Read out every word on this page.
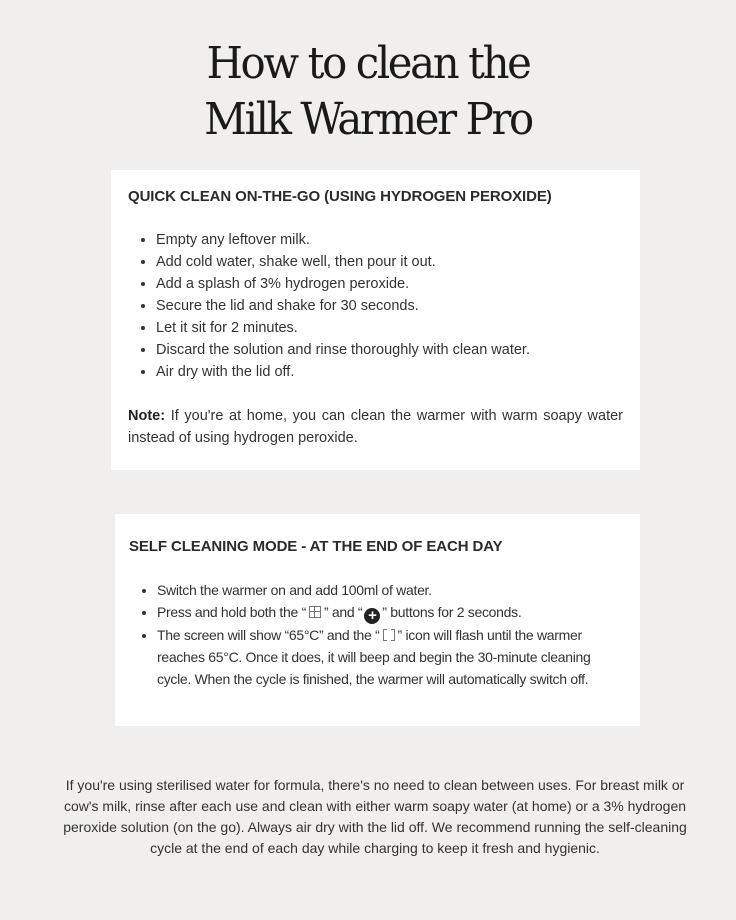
How to clean the
Milk Warmer Pro
QUICK CLEAN ON-THE-GO (USING HYDROGEN PEROXIDE)
• Empty any leftover milk.
• Add cold water, shake well, then pour it out.
• Add a splash of 3% hydrogen peroxide.
• Secure the lid and shake for 30 seconds.
• Let it sit for 2 minutes.
• Discard the solution and rinse thoroughly with clean water.
• Air dry with the lid off.

Note: If you're at home, you can clean the warmer with warm soapy water instead of using hydrogen peroxide.

SELF CLEANING MODE - AT THE END OF EACH DAY
• Switch the warmer on and add 100ml of water.
• Press and hold both the “ ” and “ + ” buttons for 2 seconds.
• The screen will show “65°C” and the “ ” icon will flash until the warmer reaches 65°C. Once it does, it will beep and begin the 30-minute cleaning cycle. When the cycle is finished, the warmer will automatically switch off.

If you're using sterilised water for formula, there's no need to clean between uses. For breast milk or cow's milk, rinse after each use and clean with either warm soapy water (at home) or a 3% hydrogen peroxide solution (on the go). Always air dry with the lid off. We recommend running the self-cleaning cycle at the end of each day while charging to keep it fresh and hygienic.
